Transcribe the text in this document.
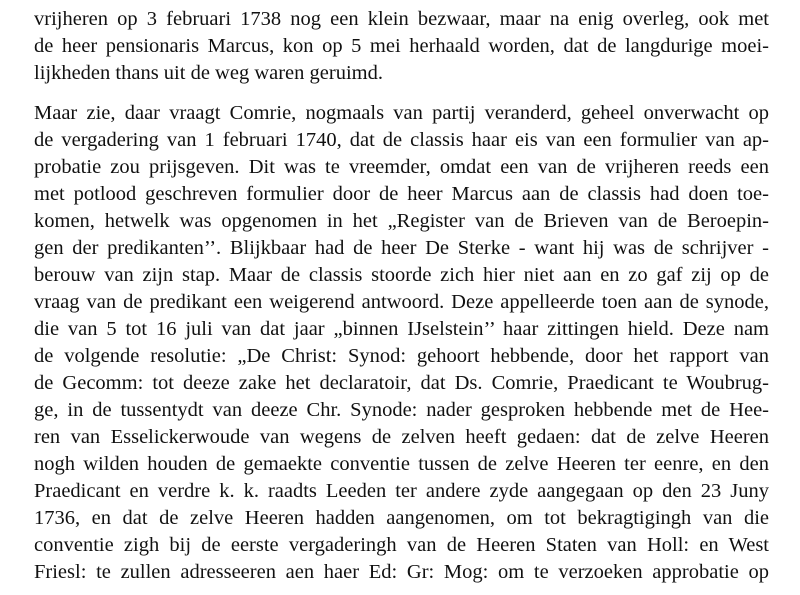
vrijheren op 3 februari 1738 nog een klein bezwaar, maar na enig overleg, ook met
de heer pensionaris Marcus, kon op 5 mei herhaald worden, dat de langdurige moei-
lijkheden thans uit de weg waren geruimd.
Maar zie, daar vraagt Comrie, nogmaals van partij veranderd, geheel onverwacht op
de vergadering van 1 februari 1740, dat de classis haar eis van een formulier van ap-
probatie zou prijsgeven. Dit was te vreemder, omdat een van de vrijheren reeds een
met potlood geschreven formulier door de heer Marcus aan de classis had doen toe-
komen, hetwelk was opgenomen in het „Register van de Brieven van de Beroepin-
gen der predikanten’’. Blijkbaar had de heer De Sterke - want hij was de schrijver -
berouw van zijn stap. Maar de classis stoorde zich hier niet aan en zo gaf zij op de
vraag van de predikant een weigerend antwoord. Deze appelleerde toen aan de synode,
die van 5 tot 16 juli van dat jaar „binnen IJselstein’’ haar zittingen hield. Deze nam
de volgende resolutie: „De Christ: Synod: gehoort hebbende, door het rapport van
de Gecomm: tot deeze zake het declaratoir, dat Ds. Comrie, Praedicant te Woubrug-
ge, in de tussentydt van deeze Chr. Synode: nader gesproken hebbende met de Hee-
ren van Esselickerwoude van wegens de zelven heeft gedaen: dat de zelve Heeren
nogh wilden houden de gemaekte conventie tussen de zelve Heeren ter eenre, en den
Praedicant en verdre k. k. raadts Leeden ter andere zyde aangegaan op den 23 Juny
1736, en dat de zelve Heeren hadden aangenomen, om tot bekragtigingh van die
conventie zigh bij de eerste vergaderingh van de Heeren Staten van Holl: en West
Friesl: te zullen adresseeren aen haer Ed: Gr: Mog: om te verzoeken approbatie op
